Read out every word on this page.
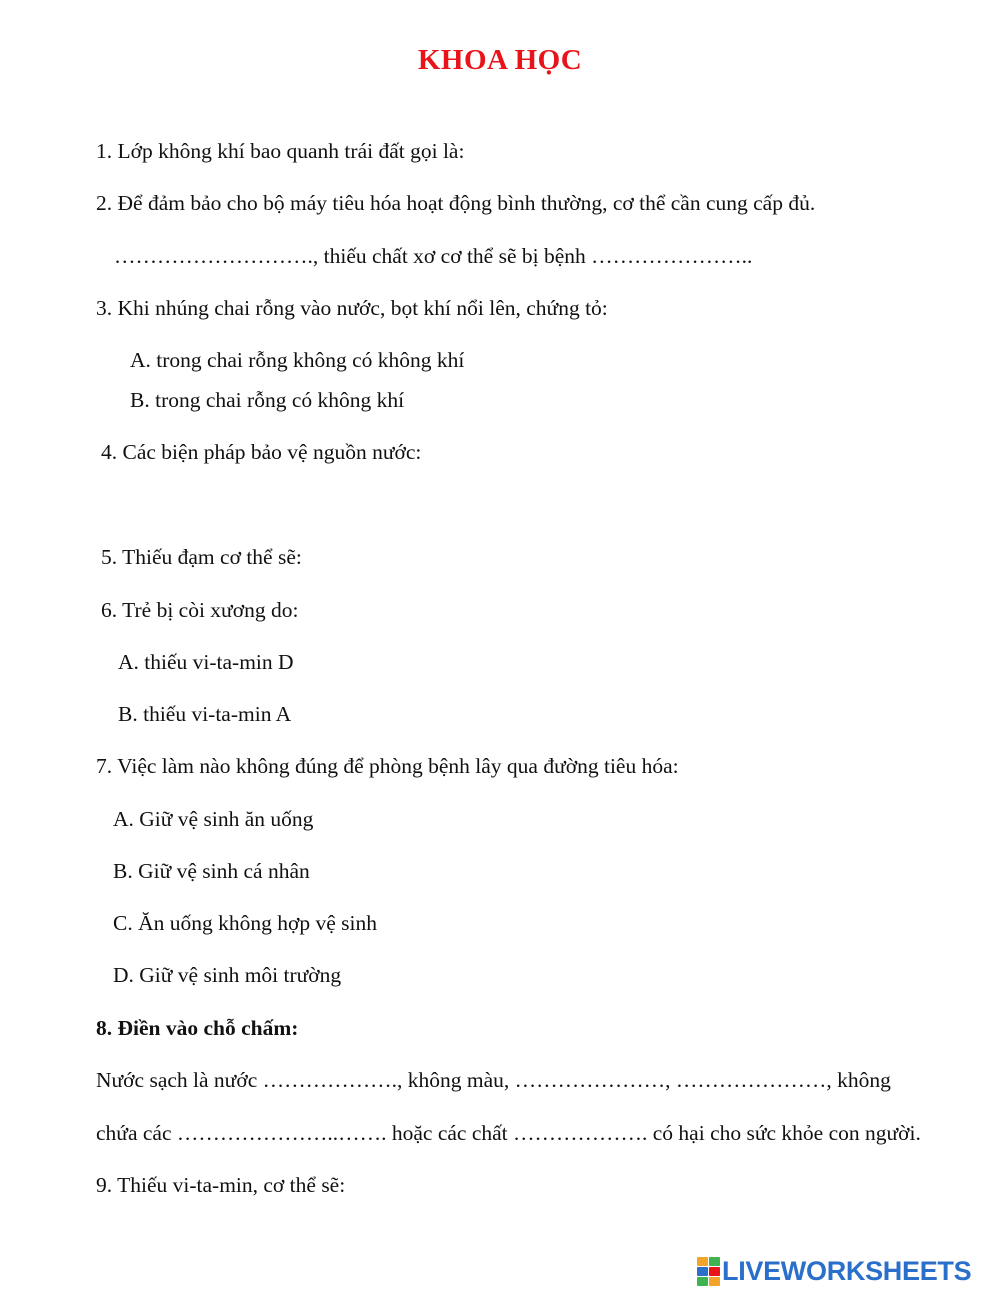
KHOA HỌC
1. Lớp không khí bao quanh trái đất gọi là:
2. Để đảm bảo cho bộ máy tiêu hóa hoạt động bình thường, cơ thể cần cung cấp đủ.
………………………., thiếu chất xơ cơ thể sẽ bị bệnh …………………..
3. Khi nhúng chai rỗng vào nước, bọt khí nổi lên, chứng tỏ:
A. trong chai rỗng không có không khí
B. trong chai rỗng có không khí
4. Các biện pháp bảo vệ nguồn nước:
5. Thiếu đạm cơ thể sẽ:
6. Trẻ bị còi xương do:
A. thiếu vi-ta-min D
B. thiếu vi-ta-min A
7. Việc làm nào không đúng để phòng bệnh lây qua đường tiêu hóa:
A. Giữ vệ sinh ăn uống
B. Giữ vệ sinh cá nhân
C. Ăn uống không hợp vệ sinh
D. Giữ vệ sinh môi trường
8. Điền vào chỗ chấm:
Nước sạch là nước ………………., không màu, …………………, …………………, không
chứa các …………………..……. hoặc các chất ………………. có hại cho sức khỏe con người.
9. Thiếu vi-ta-min, cơ thể sẽ:
LIVEWORKSHEETS
